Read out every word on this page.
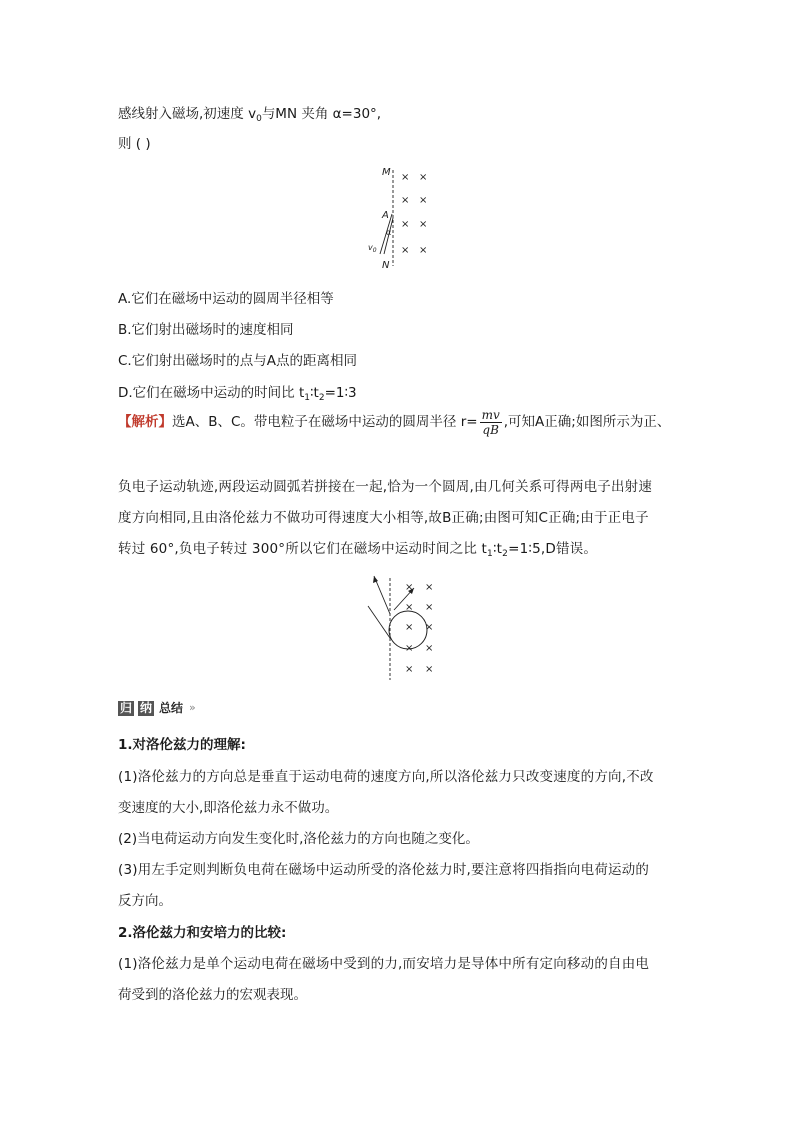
感线射入磁场,初速度 $v_0$与MN 夹角 α=30°,
则 ( )
M
N
A
α
$v_0$
× ×
× ×
× ×
× ×
A.它们在磁场中运动的圆周半径相等
B.它们射出磁场时的速度相同
C.它们射出磁场时的点与A点的距离相同
D.它们在磁场中运动的时间比 $t_1∶t_2=1∶3$
【解析】选A、B、C。带电粒子在磁场中运动的圆周半径 $r= \frac{mv}{qB}$ ,可知A正确;如图所示为正、
负电子运动轨迹,两段运动圆弧若拼接在一起,恰为一个圆周,由几何关系可得两电子出射速
度方向相同,且由洛伦兹力不做功可得速度大小相等,故B正确;由图可知C正确;由于正电子
转过 60°,负电子转过 300°所以它们在磁场中运动时间之比 $t_1∶t_2=1∶5,D$错误。
× ×
× ×
× ×
× ×
× ×
归 纳 总结 »
1.对洛伦兹力的理解:
(1)洛伦兹力的方向总是垂直于运动电荷的速度方向,所以洛伦兹力只改变速度的方向,不改
变速度的大小,即洛伦兹力永不做功。
(2)当电荷运动方向发生变化时,洛伦兹力的方向也随之变化。
(3)用左手定则判断负电荷在磁场中运动所受的洛伦兹力时,要注意将四指指向电荷运动的
反方向。
2.洛伦兹力和安培力的比较:
(1)洛伦兹力是单个运动电荷在磁场中受到的力,而安培力是导体中所有定向移动的自由电
荷受到的洛伦兹力的宏观表现。
